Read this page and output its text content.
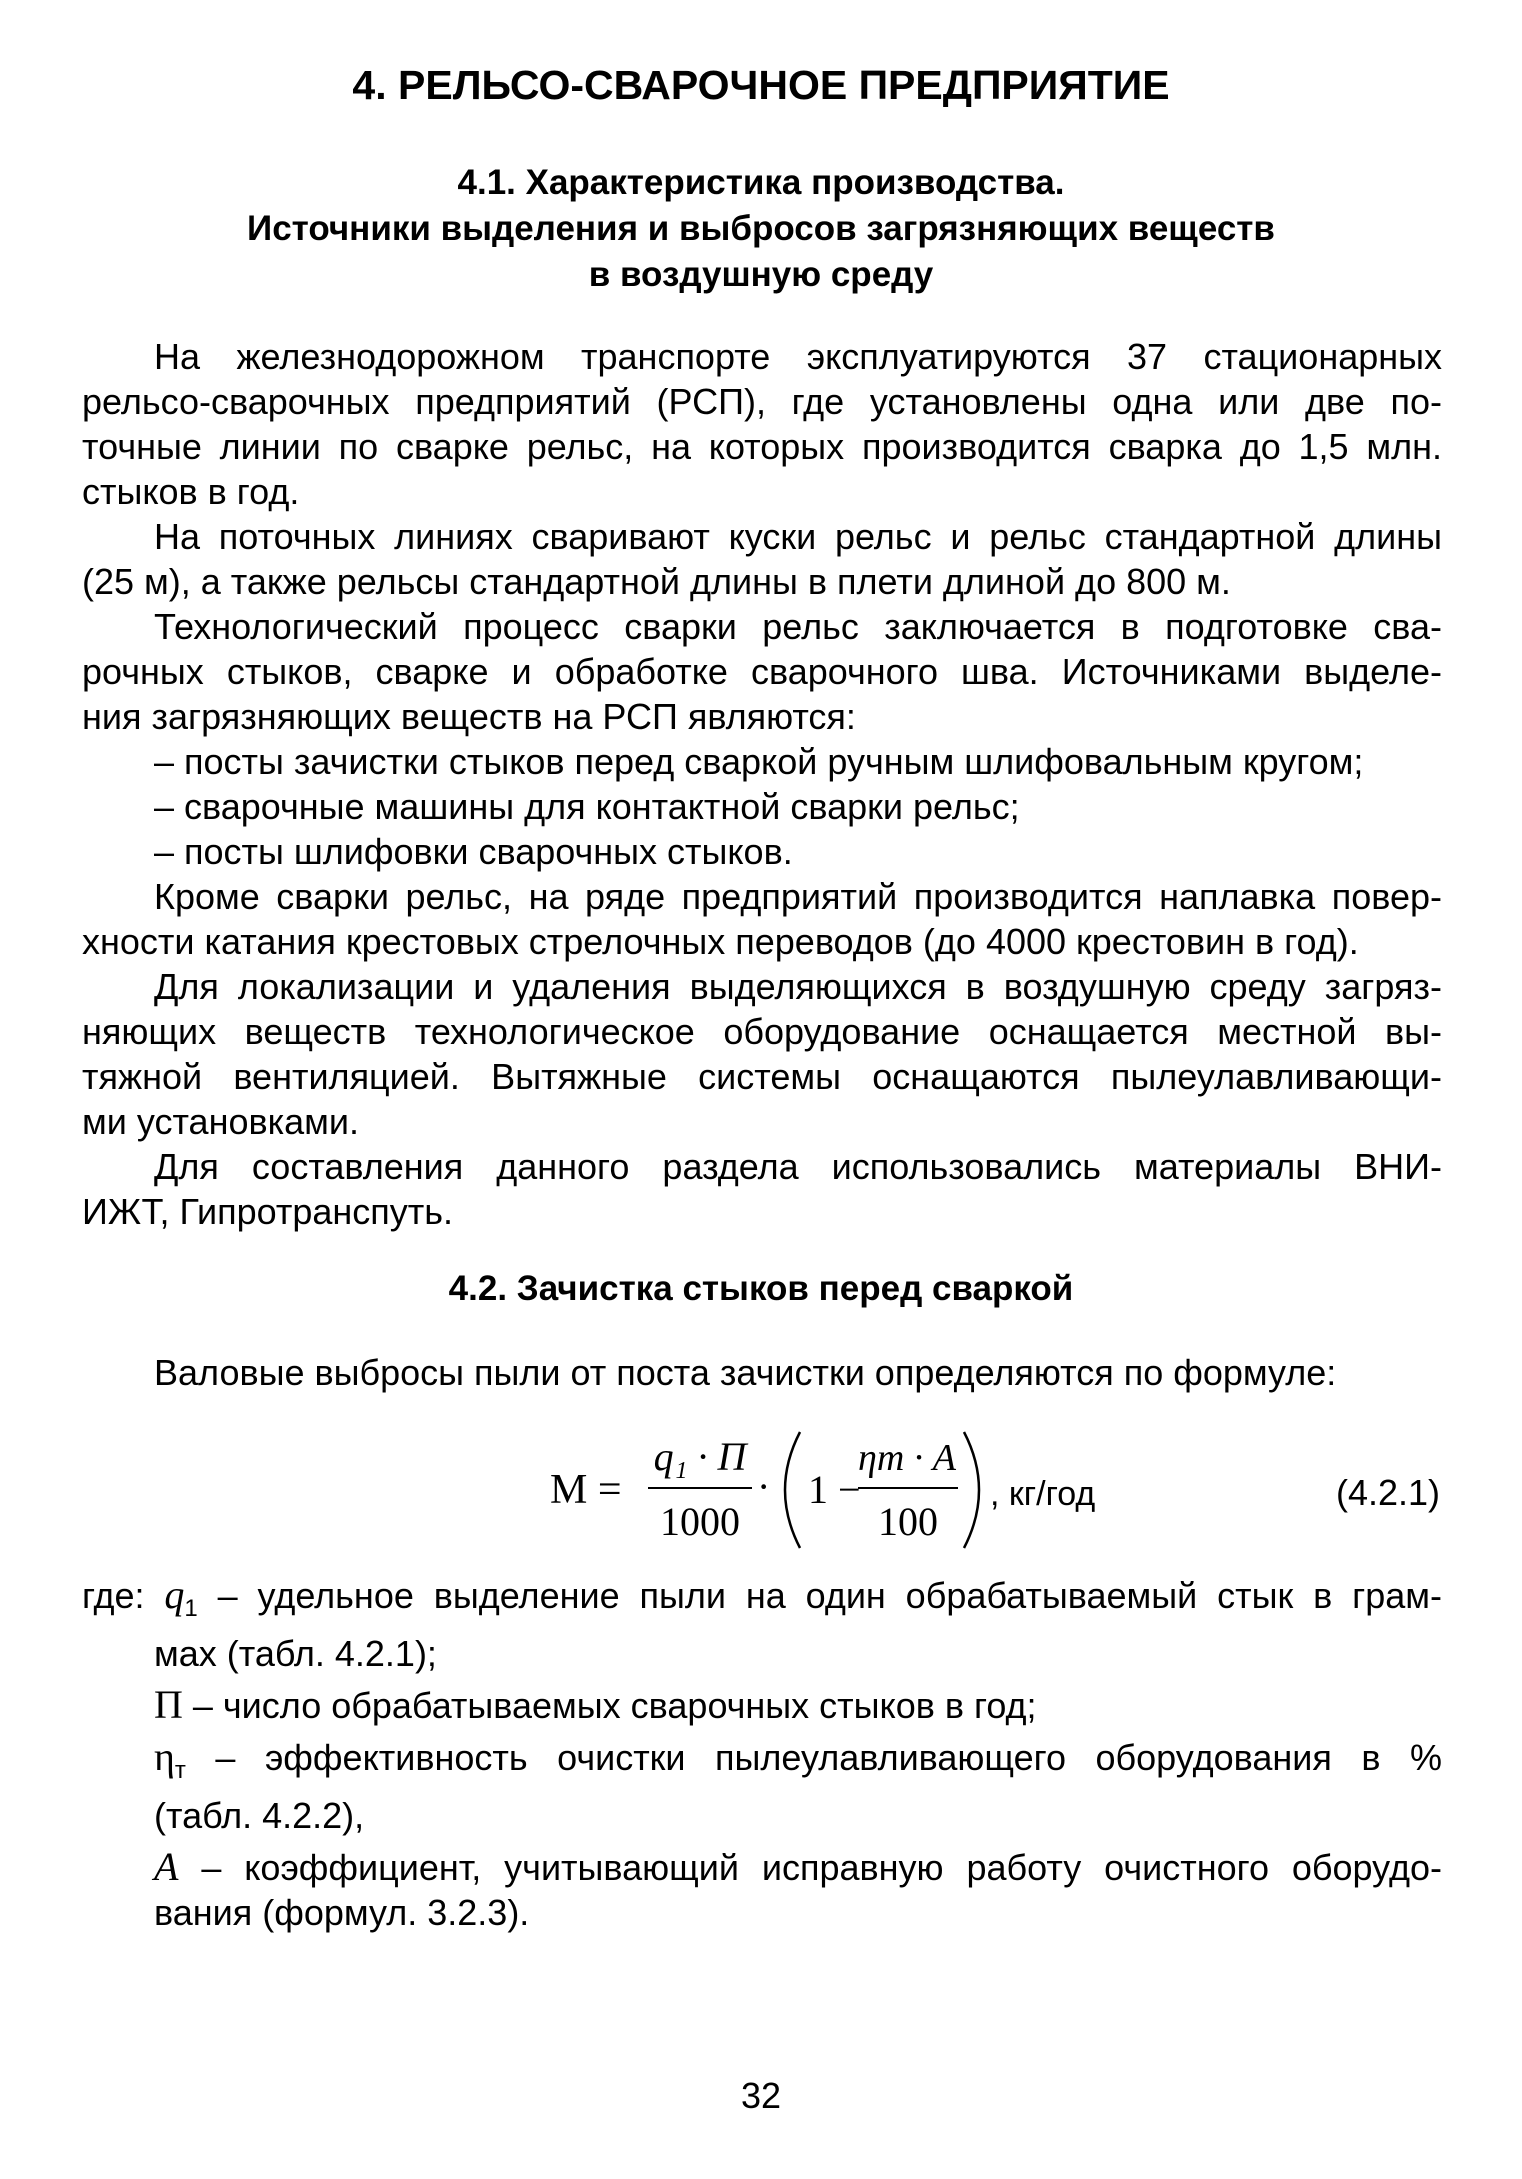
4. РЕЛЬСО-СВАРОЧНОЕ ПРЕДПРИЯТИЕ
4.1. Характеристика производства.
Источники выделения и выбросов загрязняющих веществ
в воздушную среду
На железнодорожном транспорте эксплуатируются 37 стационарных
рельсо-сварочных предприятий (РСП), где установлены одна или две по-
точные линии по сварке рельс, на которых производится сварка до 1,5 млн.
стыков в год.
На поточных линиях сваривают куски рельс и рельс стандартной длины
(25 м), а также рельсы стандартной длины в плети длиной до 800 м.
Технологический процесс сварки рельс заключается в подготовке сва-
рочных стыков, сварке и обработке сварочного шва. Источниками выделе-
ния загрязняющих веществ на РСП являются:
– посты зачистки стыков перед сваркой ручным шлифовальным кругом;
– сварочные машины для контактной сварки рельс;
– посты шлифовки сварочных стыков.
Кроме сварки рельс, на ряде предприятий производится наплавка повер-
хности катания крестовых стрелочных переводов (до 4000 крестовин в год).
Для локализации и удаления выделяющихся в воздушную среду загряз-
няющих веществ технологическое оборудование оснащается местной вы-
тяжной вентиляцией. Вытяжные системы оснащаются пылеулавливающи-
ми установками.
Для составления данного раздела использовались материалы ВНИ-
ИЖТ, Гипротранспуть.
4.2. Зачистка стыков перед сваркой
Валовые выбросы пыли от поста зачистки определяются по формуле:
М =
q₁ · П
1000
· 1 −
ηт · A
100
, кг/год	(4.2.1)
где: $q_1$ – удельное выделение пыли на один обрабатываемый стык в грам-
мах (табл. 4.2.1);
П – число обрабатываемых сварочных стыков в год;
$\eta_т$ – эффективность очистки пылеулавливающего оборудования в %
(табл. 4.2.2),
A – коэффициент, учитывающий исправную работу очистного оборудо-
вания (формул. 3.2.3).
32
